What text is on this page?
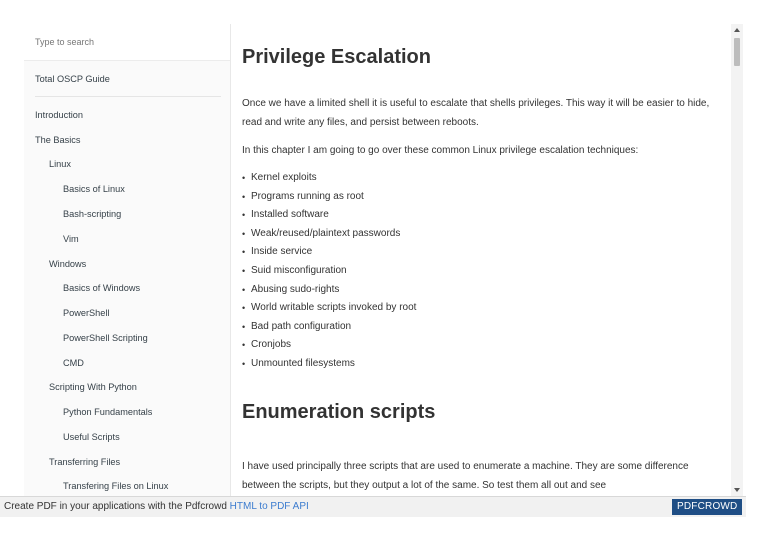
Type to search
Total OSCP Guide
Introduction
The Basics
Linux
Basics of Linux
Bash-scripting
Vim
Windows
Basics of Windows
PowerShell
PowerShell Scripting
CMD
Scripting With Python
Python Fundamentals
Useful Scripts
Transferring Files
Transfering Files on Linux
Privilege Escalation

Once we have a limited shell it is useful to escalate that shells privileges. This way it will be easier to hide, read and write any files, and persist between reboots.

In this chapter I am going to go over these common Linux privilege escalation techniques:

• Kernel exploits
• Programs running as root
• Installed software
• Weak/reused/plaintext passwords
• Inside service
• Suid misconfiguration
• Abusing sudo-rights
• World writable scripts invoked by root
• Bad path configuration
• Cronjobs
• Unmounted filesystems
Enumeration scripts

I have used principally three scripts that are used to enumerate a machine. They are some difference between the scripts, but they output a lot of the same. So test them all out and see

Create PDF in your applications with the Pdfcrowd HTML to PDF API	PDFCROWD
